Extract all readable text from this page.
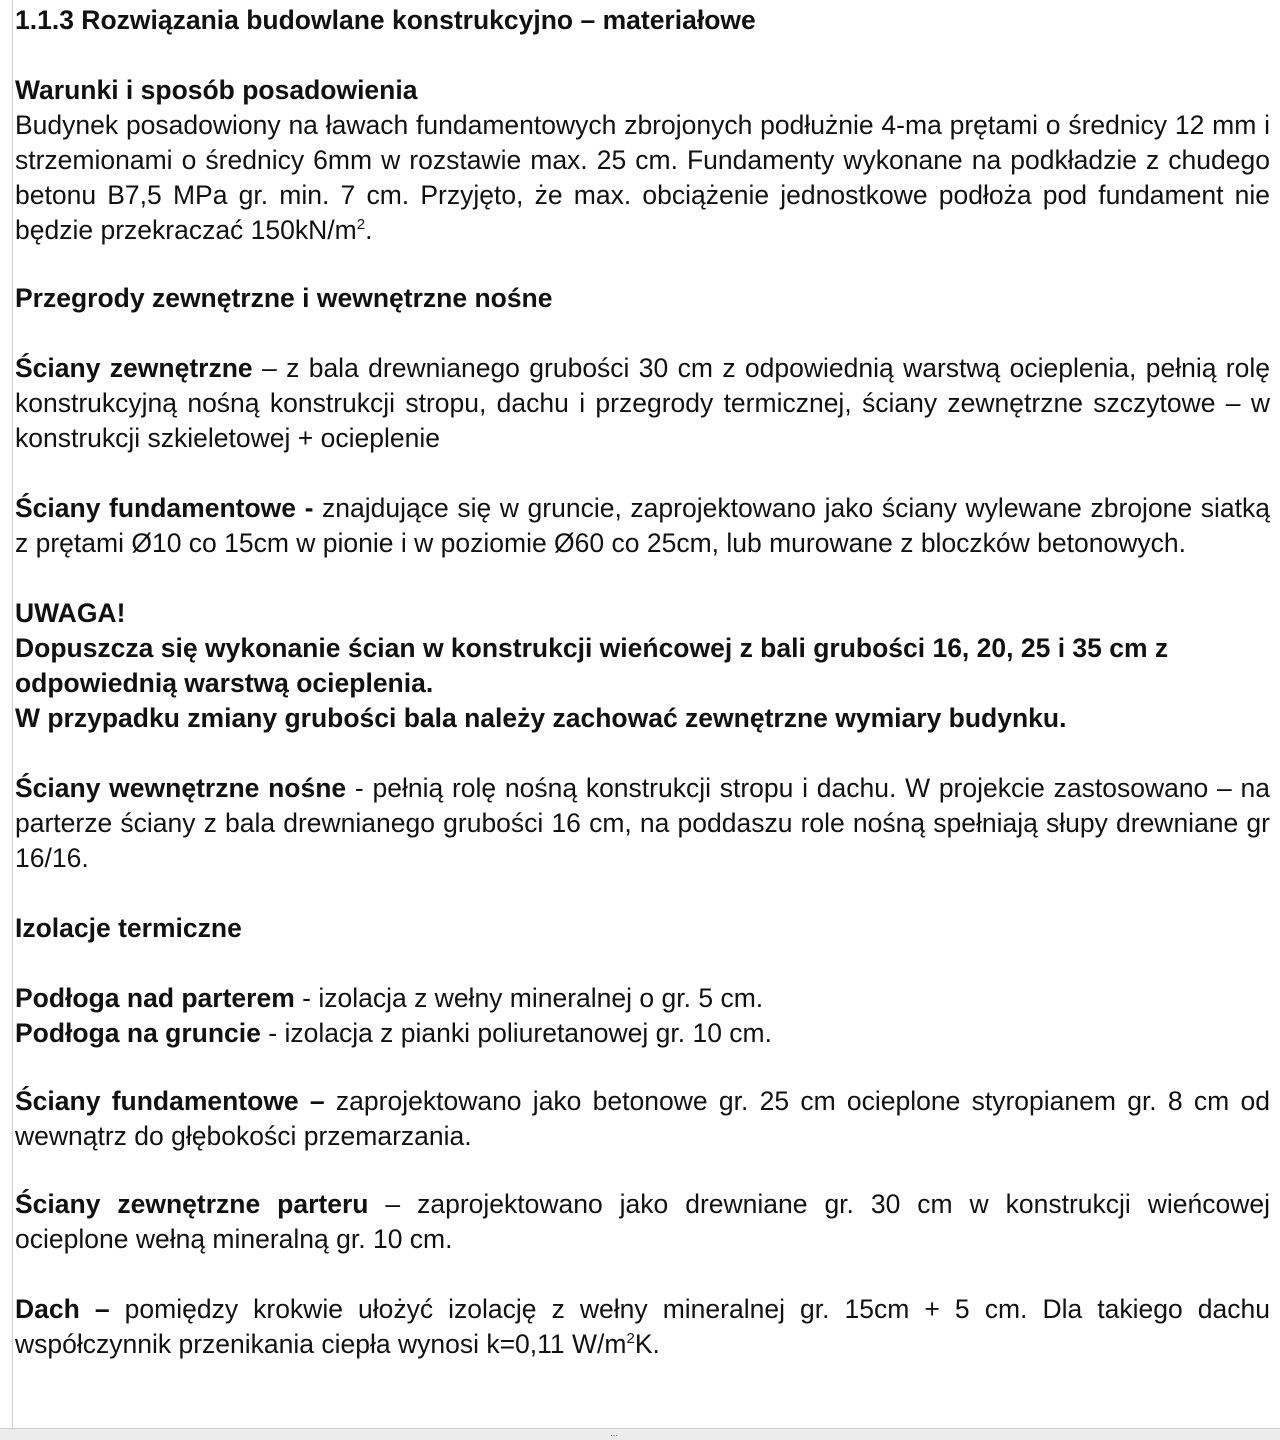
1.1.3 Rozwiązania budowlane konstrukcyjno – materiałowe

Warunki i sposób posadowienia

Budynek posadowiony na ławach fundamentowych zbrojonych podłużnie 4-ma prętami o średnicy 12 mm i strzemionami o średnicy 6mm w rozstawie max. 25 cm. Fundamenty wykonane na podkładzie z chudego betonu B7,5 MPa gr. min. 7 cm. Przyjęto, że max. obciążenie jednostkowe podłoża pod fundament nie będzie przekraczać $150kN/m^2$.

Przegrody zewnętrzne i wewnętrzne nośne

Ściany zewnętrzne – z bala drewnianego grubości 30 cm z odpowiednią warstwą ocieplenia, pełnią rolę konstrukcyjną nośną konstrukcji stropu, dachu i przegrody termicznej, ściany zewnętrzne szczytowe – w konstrukcji szkieletowej + ocieplenie

Ściany fundamentowe - znajdujące się w gruncie, zaprojektowano jako ściany wylewane zbrojone siatką z prętami Ø10 co 15cm w pionie i w poziomie Ø60 co 25cm, lub murowane z bloczków betonowych.

UWAGA!

Dopuszcza się wykonanie ścian w konstrukcji wieńcowej z bali grubości 16, 20, 25 i 35 cm z odpowiednią warstwą ocieplenia.

W przypadku zmiany grubości bala należy zachować zewnętrzne wymiary budynku.

Ściany wewnętrzne nośne - pełnią rolę nośną konstrukcji stropu i dachu. W projekcie zastosowano – na parterze ściany z bala drewnianego grubości 16 cm, na poddaszu role nośną spełniają słupy drewniane gr 16/16.

Izolacje termiczne

Podłoga nad parterem - izolacja z wełny mineralnej o gr. 5 cm.

Podłoga na gruncie - izolacja z pianki poliuretanowej gr. 10 cm.

Ściany fundamentowe – zaprojektowano jako betonowe gr. 25 cm ocieplone styropianem gr. 8 cm od wewnątrz do głębokości przemarzania.

Ściany zewnętrzne parteru – zaprojektowano jako drewniane gr. 30 cm w konstrukcji wieńcowej ocieplone wełną mineralną gr. 10 cm.

Dach – pomiędzy krokwie ułożyć izolację z wełny mineralnej gr. 15cm + 5 cm. Dla takiego dachu współczynnik przenikania ciepła wynosi k=0,11 $W/m^2K$.

⋯
